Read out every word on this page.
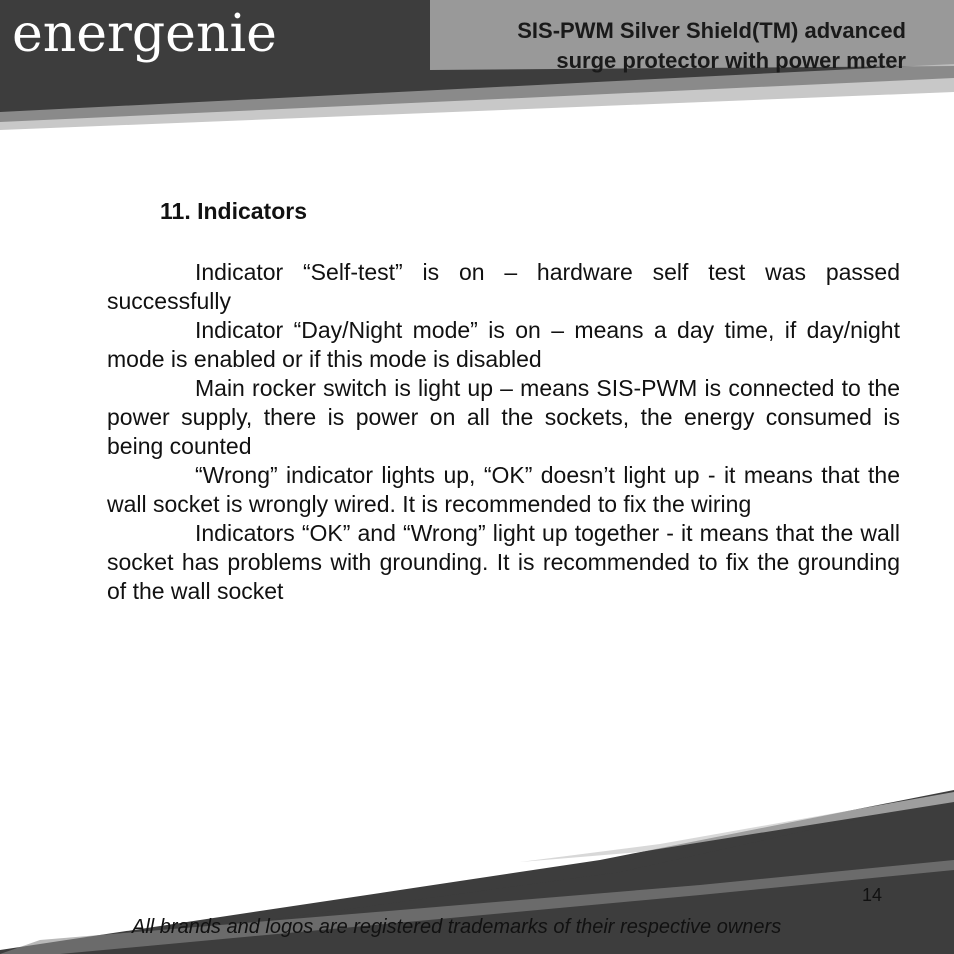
energenie	SIS-PWM Silver Shield(TM) advanced
surge protector with power meter
11. Indicators

Indicator “Self-test” is on – hardware self test was passed successfully

Indicator “Day/Night mode” is on – means a day time, if day/night mode is enabled or if this mode is disabled

Main rocker switch is light up – means SIS-PWM is connected to the power supply, there is power on all the sockets, the energy consumed is being counted

“Wrong” indicator lights up, “OK” doesn’t light up - it means that the wall socket is wrongly wired. It is recommended to fix the wiring

Indicators “OK” and “Wrong” light up together - it means that the wall socket has problems with grounding. It is recommended to fix the grounding of the wall socket

14
All brands and logos are registered trademarks of their respective owners
